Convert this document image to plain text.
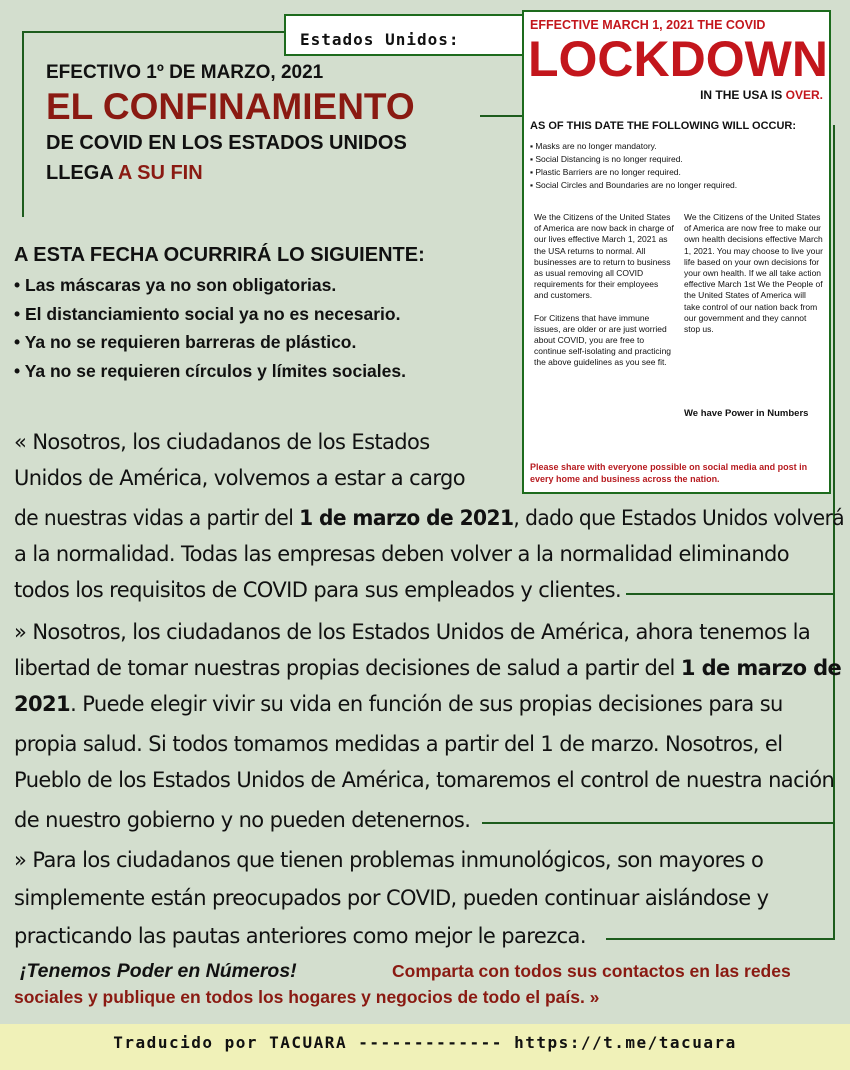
EFECTIVO 1º DE MARZO, 2021
EL CONFINAMIENTO
DE COVID EN LOS ESTADOS UNIDOS
LLEGA A SU FIN
Estados Unidos:
EFFECTIVE MARCH 1, 2021 THE COVID
LOCKDOWN
IN THE USA IS OVER.
AS OF THIS DATE THE FOLLOWING WILL OCCUR:
▪ Masks are no longer mandatory.
▪ Social Distancing is no longer required.
▪ Plastic Barriers are no longer required.
▪ Social Circles and Boundaries are no longer required.
We the Citizens of the United States of America are now back in charge of our lives effective March 1, 2021 as the USA returns to normal. All businesses are to return to business as usual removing all COVID requirements for their employees and customers.
For Citizens that have immune issues, are older or are just worried about COVID, you are free to continue self-isolating and practicing the above guidelines as you see fit.
We the Citizens of the United States of America are now free to make our own health decisions effective March 1, 2021. You may choose to live your life based on your own decisions for your own health. If we all take action effective March 1st We the People of the United States of America will take control of our nation back from our government and they cannot stop us.
We have Power in Numbers
Please share with everyone possible on social media and post in every home and business across the nation.
A ESTA FECHA OCURRIRÁ LO SIGUIENTE:
• Las máscaras ya no son obligatorias.
• El distanciamiento social ya no es necesario.
• Ya no se requieren barreras de plástico.
• Ya no se requieren círculos y límites sociales.
« Nosotros, los ciudadanos de los Estados
Unidos de América, volvemos a estar a cargo
de nuestras vidas a partir del 1 de marzo de 2021, dado que Estados Unidos volverá
a la normalidad. Todas las empresas deben volver a la normalidad eliminando
todos los requisitos de COVID para sus empleados y clientes.
» Nosotros, los ciudadanos de los Estados Unidos de América, ahora tenemos la
libertad de tomar nuestras propias decisiones de salud a partir del 1 de marzo de
2021. Puede elegir vivir su vida en función de sus propias decisiones para su
propia salud. Si todos tomamos medidas a partir del 1 de marzo. Nosotros, el
Pueblo de los Estados Unidos de América, tomaremos el control de nuestra nación
de nuestro gobierno y no pueden detenernos.
» Para los ciudadanos que tienen problemas inmunológicos, son mayores o
simplemente están preocupados por COVID, pueden continuar aislándose y
practicando las pautas anteriores como mejor le parezca.
¡Tenemos Poder en Números!	Comparta con todos sus contactos en las redes sociales y publique en todos los hogares y negocios de todo el país. »
Traducido por TACUARA ------------- https://t.me/tacuara
